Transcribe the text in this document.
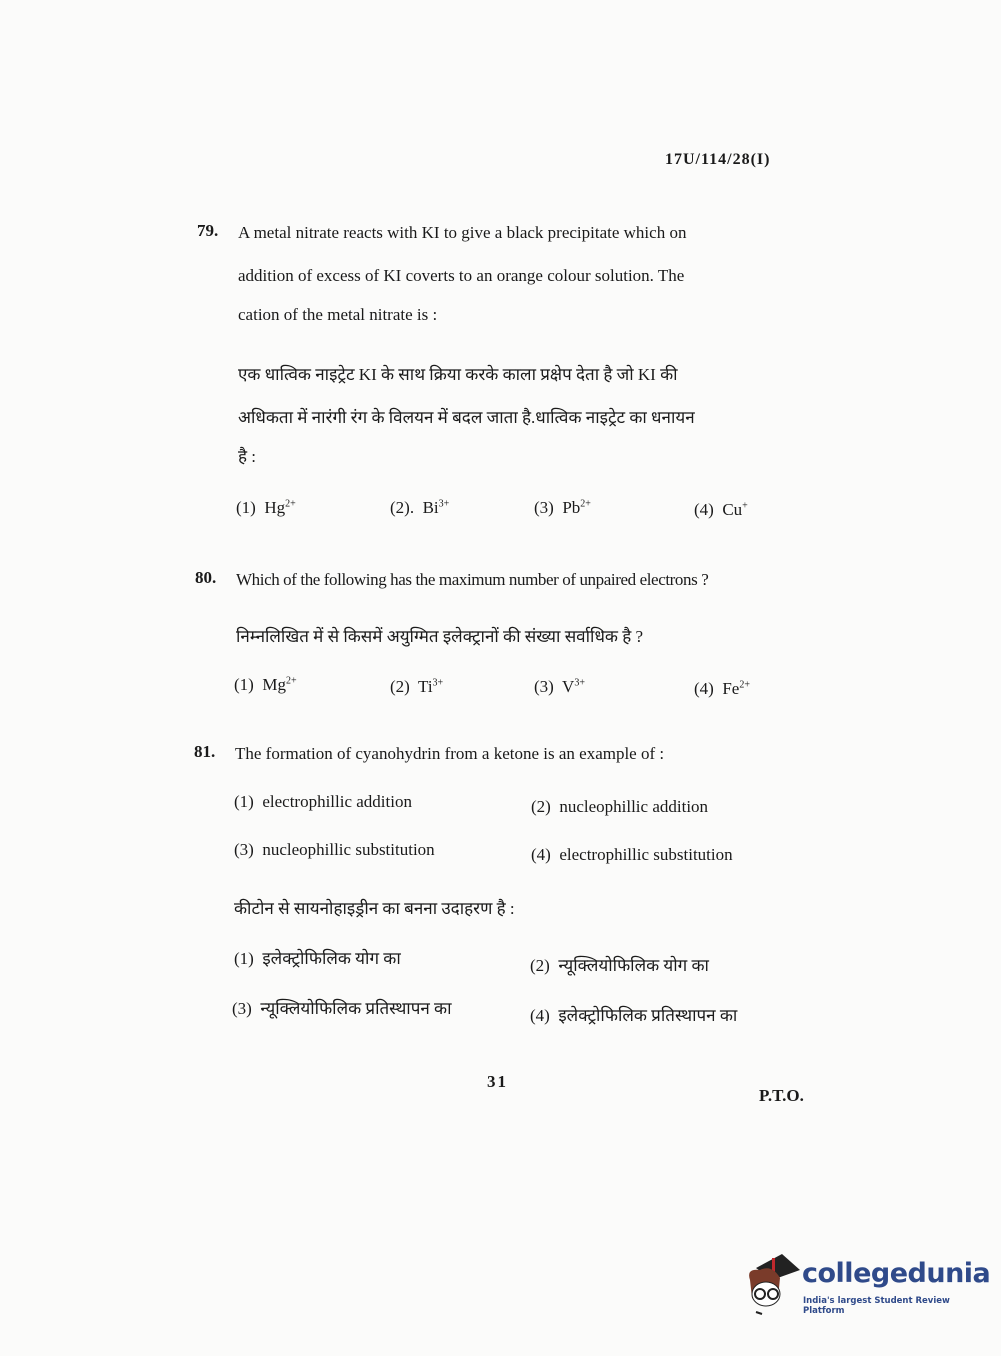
17U/114/28(I)
79. A metal nitrate reacts with KI to give a black precipitate which on
addition of excess of KI coverts to an orange colour solution. The
cation of the metal nitrate is :
एक धात्विक नाइट्रेट KI के साथ क्रिया करके काला प्रक्षेप देता है जो KI की
अधिकता में नारंगी रंग के विलयन में बदल जाता है.धात्विक नाइट्रेट का धनायन
है :
(1) $Hg^{2+}$	(2). $Bi^{3+}$	(3) $Pb^{2+}$	(4) Cu+
80. Which of the following has the maximum number of unpaired electrons ?
निम्नलिखित में से किसमें अयुग्मित इलेक्ट्रानों की संख्या सर्वाधिक है ?
(1) $Mg^{2+}$	(2) $Ti^{3+}$	(3) $V^{3+}$	(4) $Fe^{2+}$
81. The formation of cyanohydrin from a ketone is an example of :
(1) electrophillic addition	(2) nucleophillic addition
(3) nucleophillic substitution	(4) electrophillic substitution
कीटोन से सायनोहाइड्रीन का बनना उदाहरण है :
(1) इलेक्ट्रोफिलिक योग का	(2) न्यूक्लियोफिलिक योग का
(3) न्यूक्लियोफिलिक प्रतिस्थापन का	(4) इलेक्ट्रोफिलिक प्रतिस्थापन का
31
P.T.O.
collegedunia
India's largest Student Review Platform
